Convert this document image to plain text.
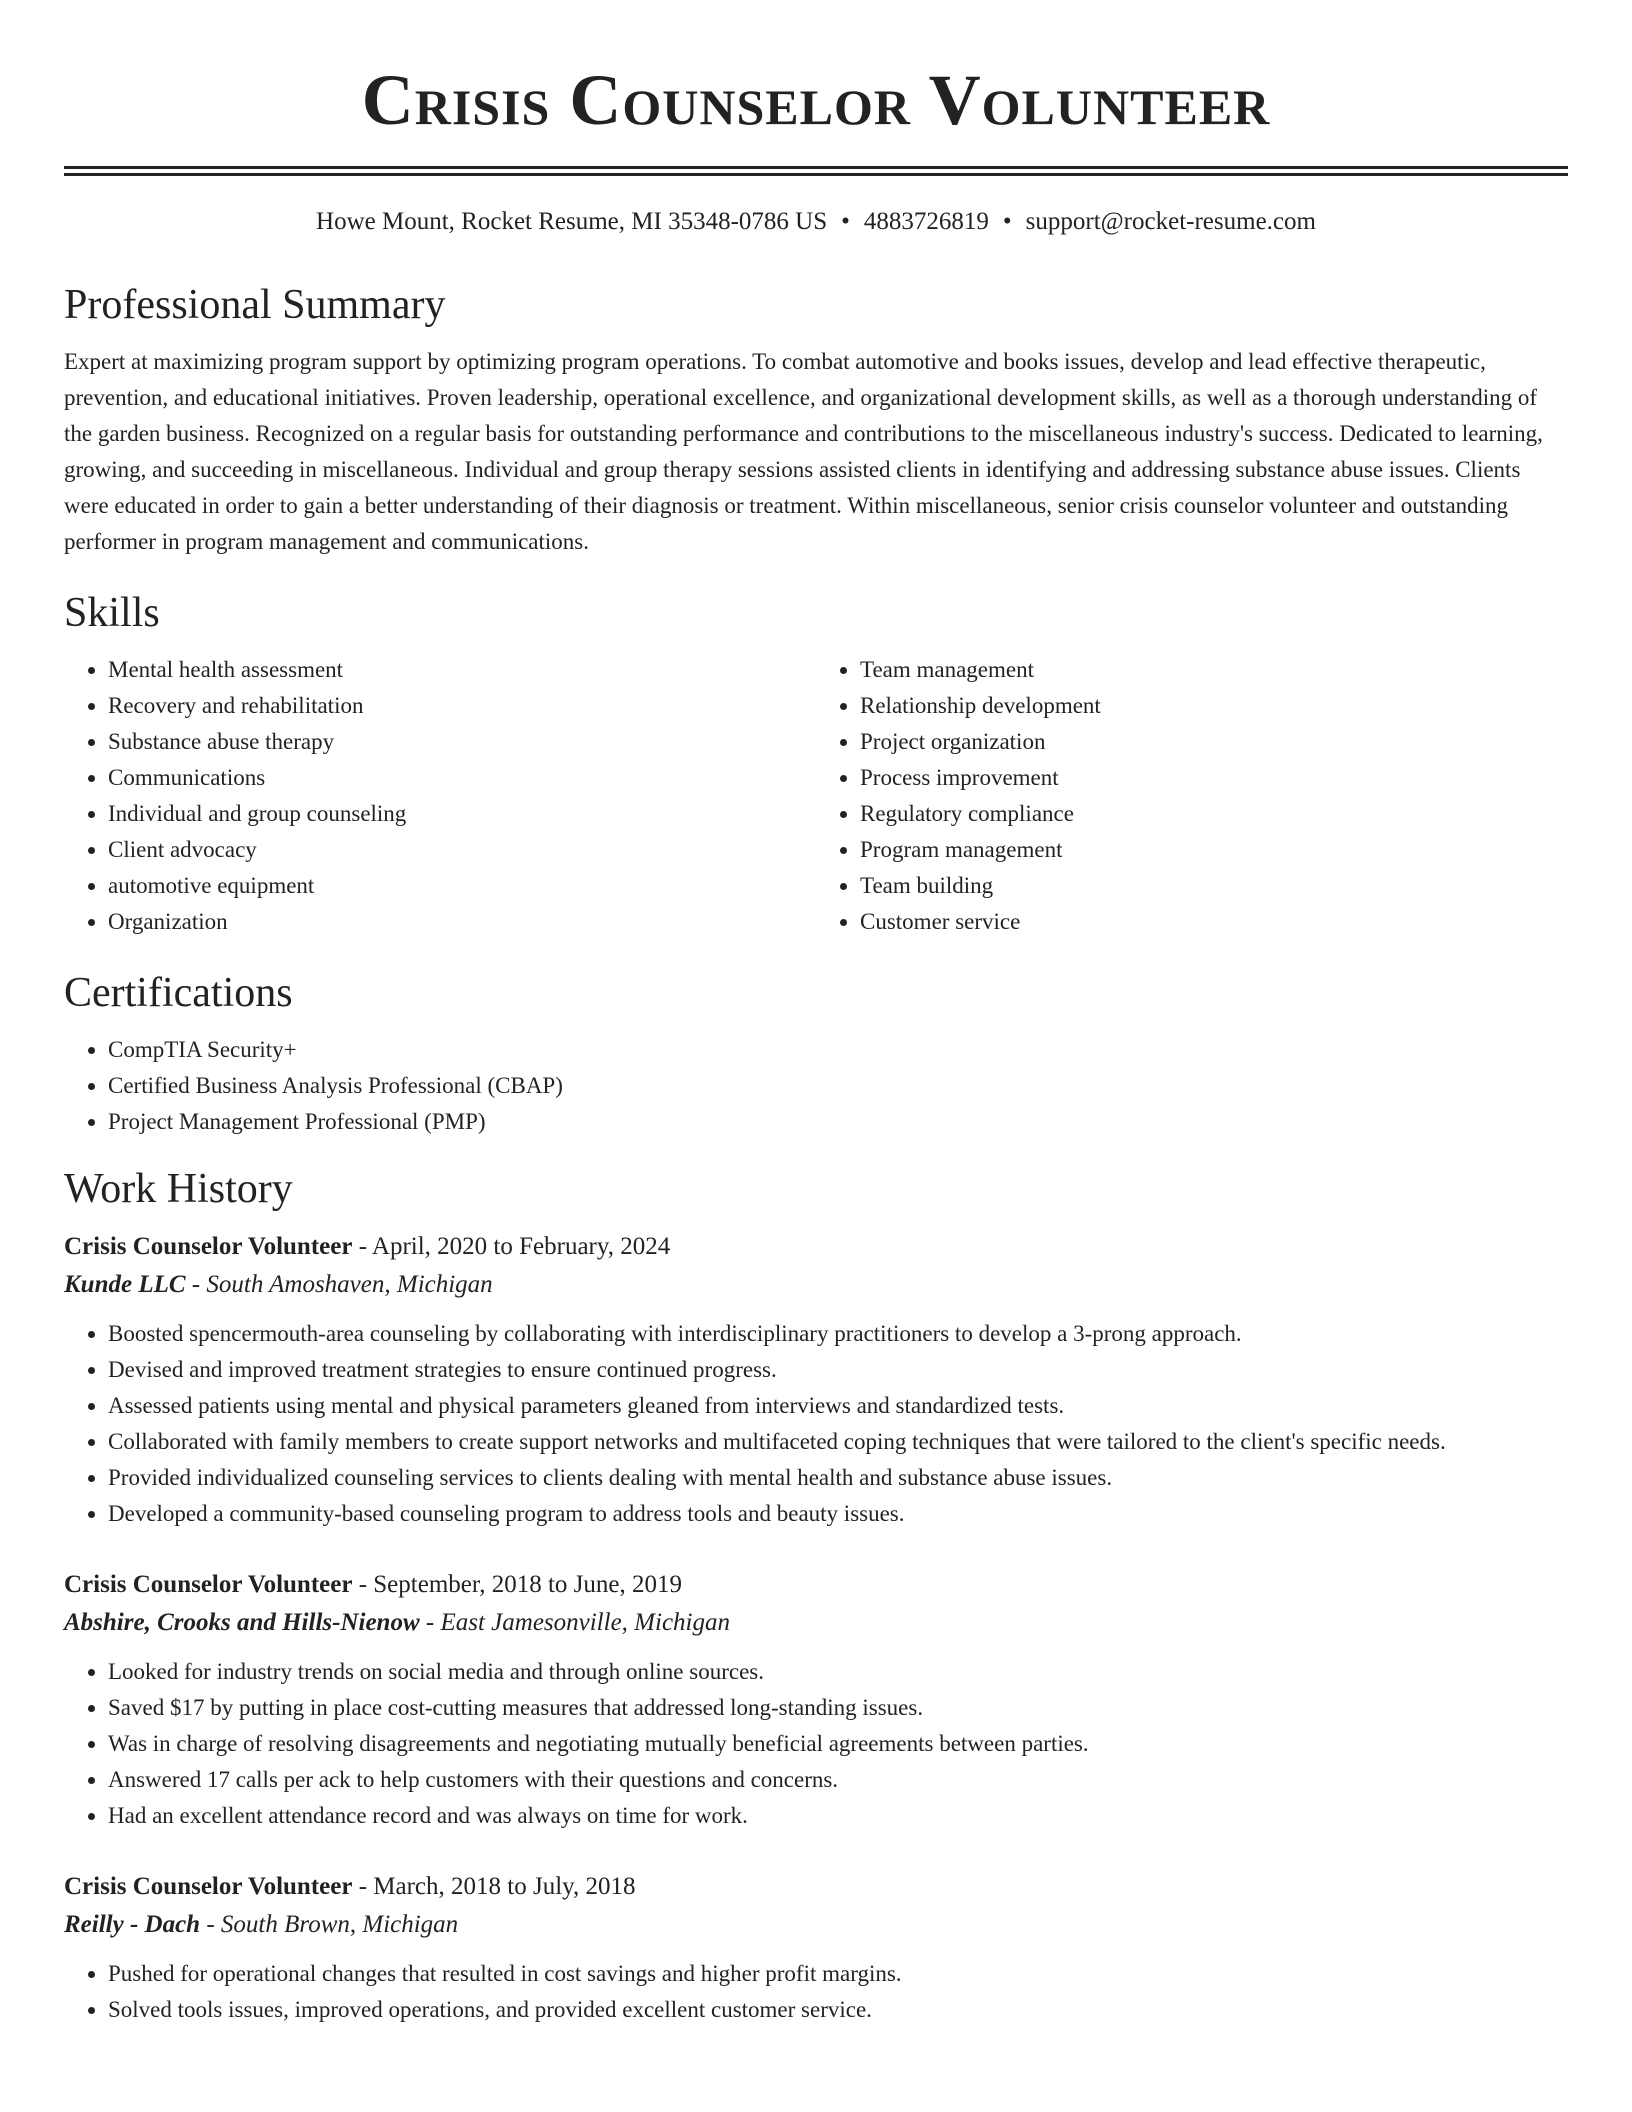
Crisis Counselor Volunteer
Howe Mount, Rocket Resume, MI 35348-0786 US • 4883726819 • support@rocket-resume.com
Professional Summary

Expert at maximizing program support by optimizing program operations. To combat automotive and books issues, develop and lead effective therapeutic, prevention, and educational initiatives. Proven leadership, operational excellence, and organizational development skills, as well as a thorough understanding of the garden business. Recognized on a regular basis for outstanding performance and contributions to the miscellaneous industry's success. Dedicated to learning, growing, and succeeding in miscellaneous. Individual and group therapy sessions assisted clients in identifying and addressing substance abuse issues. Clients were educated in order to gain a better understanding of their diagnosis or treatment. Within miscellaneous, senior crisis counselor volunteer and outstanding performer in program management and communications.

Skills
• Mental health assessment
• Recovery and rehabilitation
• Substance abuse therapy
• Communications
• Individual and group counseling
• Client advocacy
• automotive equipment
• Organization
• Team management
• Relationship development
• Project organization
• Process improvement
• Regulatory compliance
• Program management
• Team building
• Customer service
Certifications
• CompTIA Security+
• Certified Business Analysis Professional (CBAP)
• Project Management Professional (PMP)
Work History
Crisis Counselor Volunteer - April, 2020 to February, 2024
Kunde LLC - South Amoshaven, Michigan
• Boosted spencermouth-area counseling by collaborating with interdisciplinary practitioners to develop a 3-prong approach.
• Devised and improved treatment strategies to ensure continued progress.
• Assessed patients using mental and physical parameters gleaned from interviews and standardized tests.
• Collaborated with family members to create support networks and multifaceted coping techniques that were tailored to the client's specific needs.
• Provided individualized counseling services to clients dealing with mental health and substance abuse issues.
• Developed a community-based counseling program to address tools and beauty issues.
Crisis Counselor Volunteer - September, 2018 to June, 2019
Abshire, Crooks and Hills-Nienow - East Jamesonville, Michigan
• Looked for industry trends on social media and through online sources.
• Saved $17 by putting in place cost-cutting measures that addressed long-standing issues.
• Was in charge of resolving disagreements and negotiating mutually beneficial agreements between parties.
• Answered 17 calls per ack to help customers with their questions and concerns.
• Had an excellent attendance record and was always on time for work.
Crisis Counselor Volunteer - March, 2018 to July, 2018
Reilly - Dach - South Brown, Michigan
• Pushed for operational changes that resulted in cost savings and higher profit margins.
• Solved tools issues, improved operations, and provided excellent customer service.
